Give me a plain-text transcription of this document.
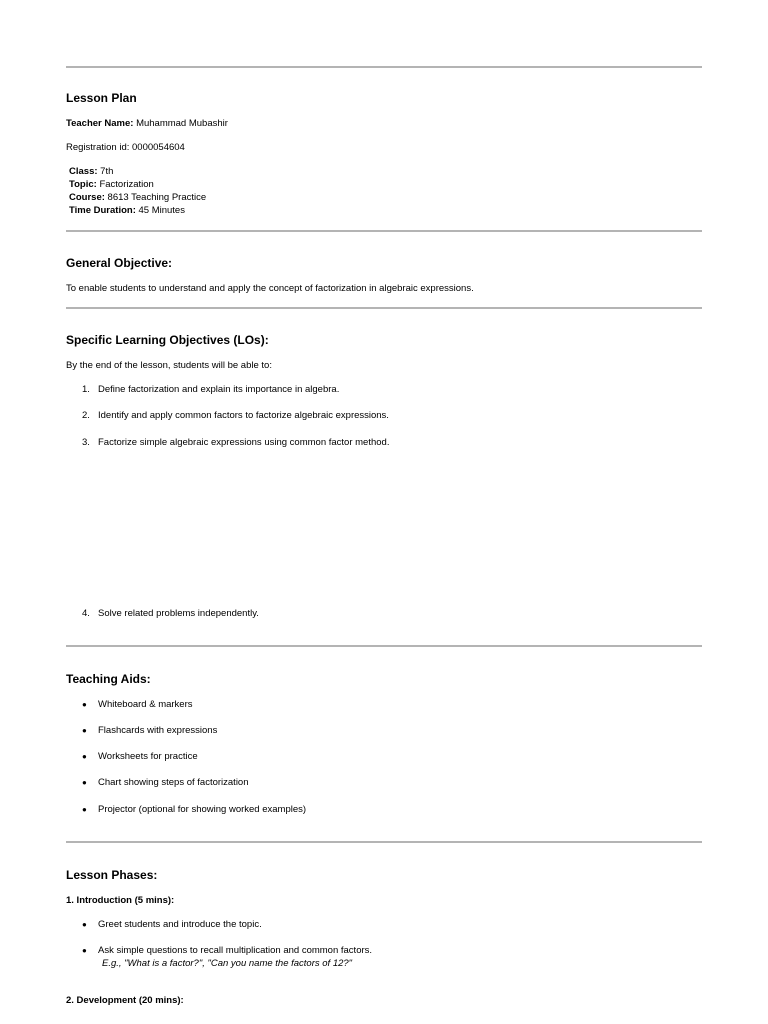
Lesson Plan
Teacher Name: Muhammad Mubashir
Registration id: 0000054604
Class: 7th
Topic: Factorization
Course: 8613 Teaching Practice
Time Duration: 45 Minutes
General Objective:
To enable students to understand and apply the concept of factorization in algebraic expressions.
Specific Learning Objectives (LOs):
By the end of the lesson, students will be able to:
1. Define factorization and explain its importance in algebra.
2. Identify and apply common factors to factorize algebraic expressions.
3. Factorize simple algebraic expressions using common factor method.
4. Solve related problems independently.
Teaching Aids:
● Whiteboard & markers
● Flashcards with expressions
● Worksheets for practice
● Chart showing steps of factorization
● Projector (optional for showing worked examples)
Lesson Phases:
1. Introduction (5 mins):
● Greet students and introduce the topic.
● Ask simple questions to recall multiplication and common factors.
E.g., "What is a factor?", "Can you name the factors of 12?"
2. Development (20 mins):
